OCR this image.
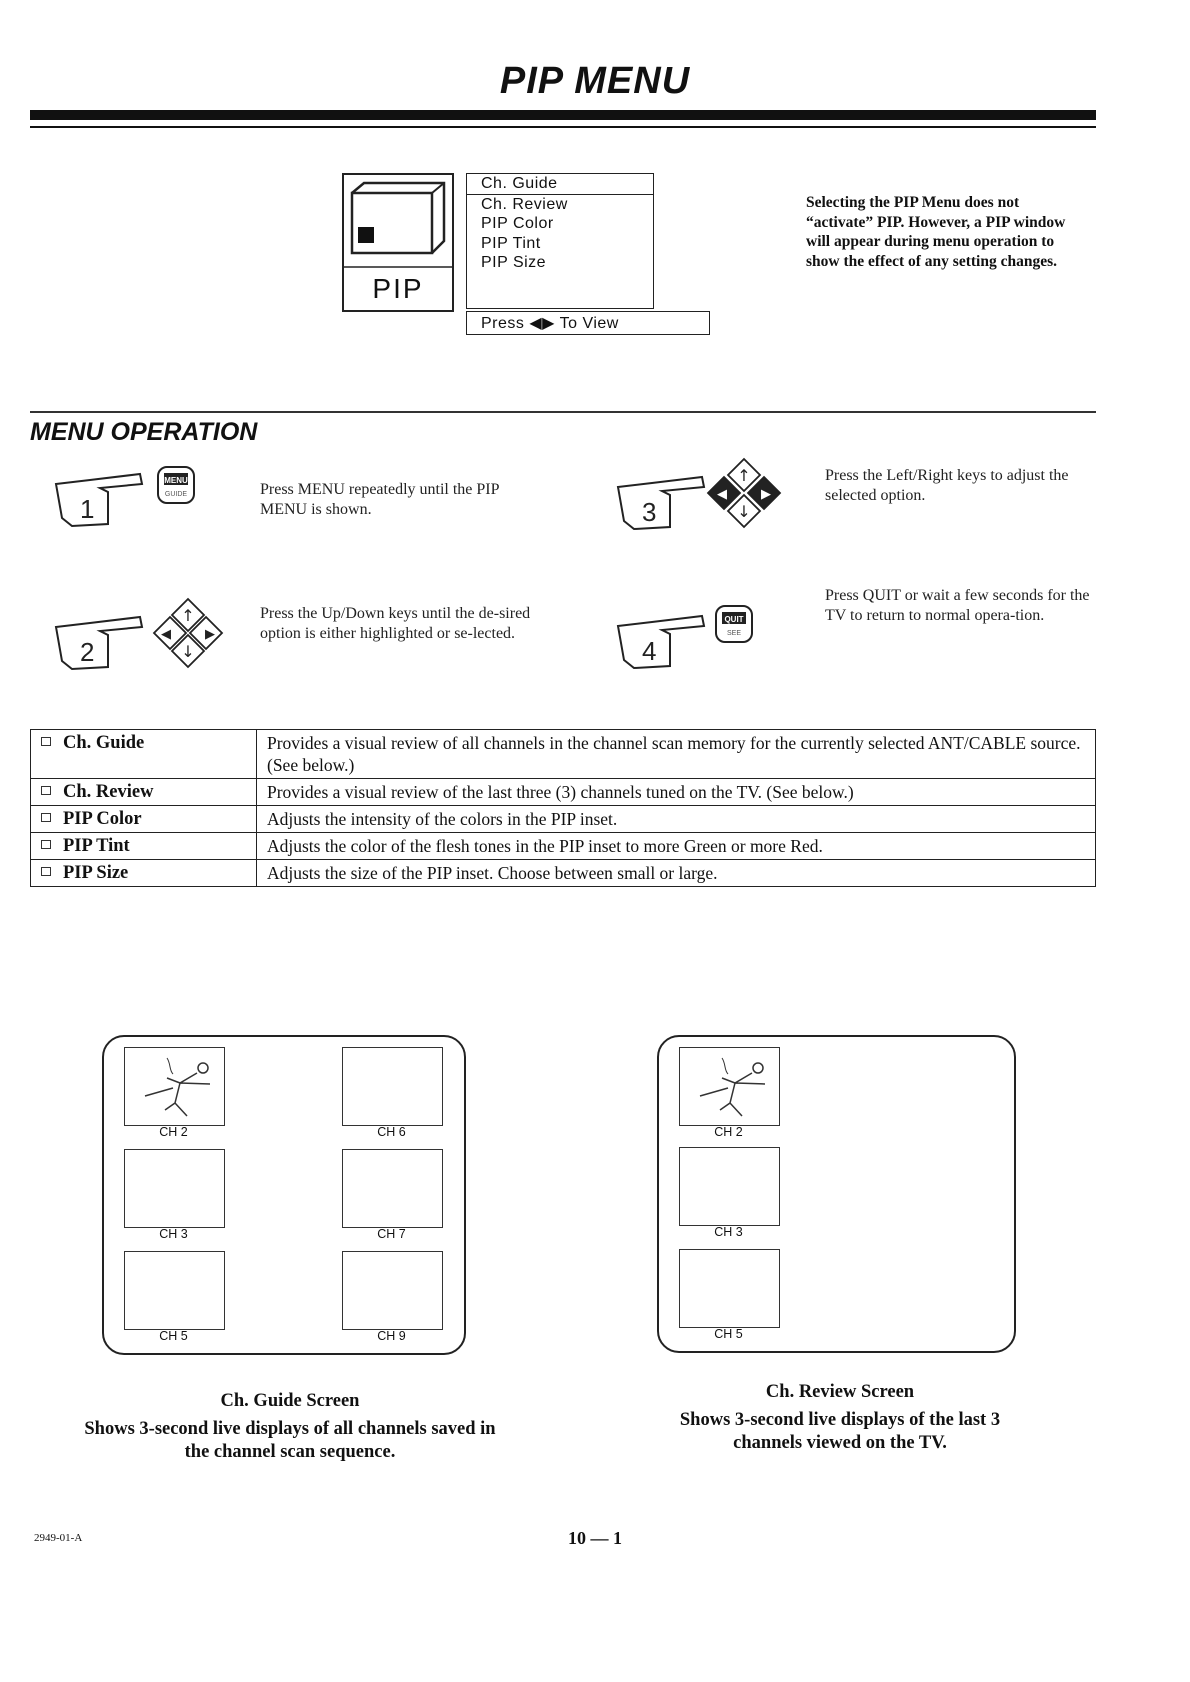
PIP MENU
PIP
Ch. Guide
Ch. Review
PIP Color
PIP Tint
PIP Size
Press ◀▶ To View
Selecting the PIP Menu does not “activate” PIP. However, a PIP window will appear during menu operation to show the effect of any setting changes.
MENU OPERATION
1
MENU
GUIDE	Press MENU repeatedly until the PIP MENU is shown.
2
↑
↓
◀	▶
Press the Up/Down keys until the de-sired option is either highlighted or se-lected.
3
↑
↓
◀	▶
Press the Left/Right keys to adjust the selected option.
4
QUIT
SEE
Press QUIT or wait a few seconds for the TV to return to normal opera-tion.
Ch. Guide	Provides a visual review of all channels in the channel scan memory for the currently selected ANT/CABLE source. (See below.)
Ch. Review	Provides a visual review of the last three (3) channels tuned on the TV. (See below.)
PIP Color	Adjusts the intensity of the colors in the PIP inset.
PIP Tint	Adjusts the color of the flesh tones in the PIP inset to more Green or more Red.
PIP Size	Adjusts the size of the PIP inset. Choose between small or large.
CH 2	CH 6
CH 3	CH 7
CH 5	CH 9
Ch. Guide Screen
Shows 3-second live displays of all channels saved in the channel scan sequence.
CH 2
CH 3
CH 5
Ch. Review Screen
Shows 3-second live displays of the last 3 channels viewed on the TV.
2949-01-A	10 — 1
